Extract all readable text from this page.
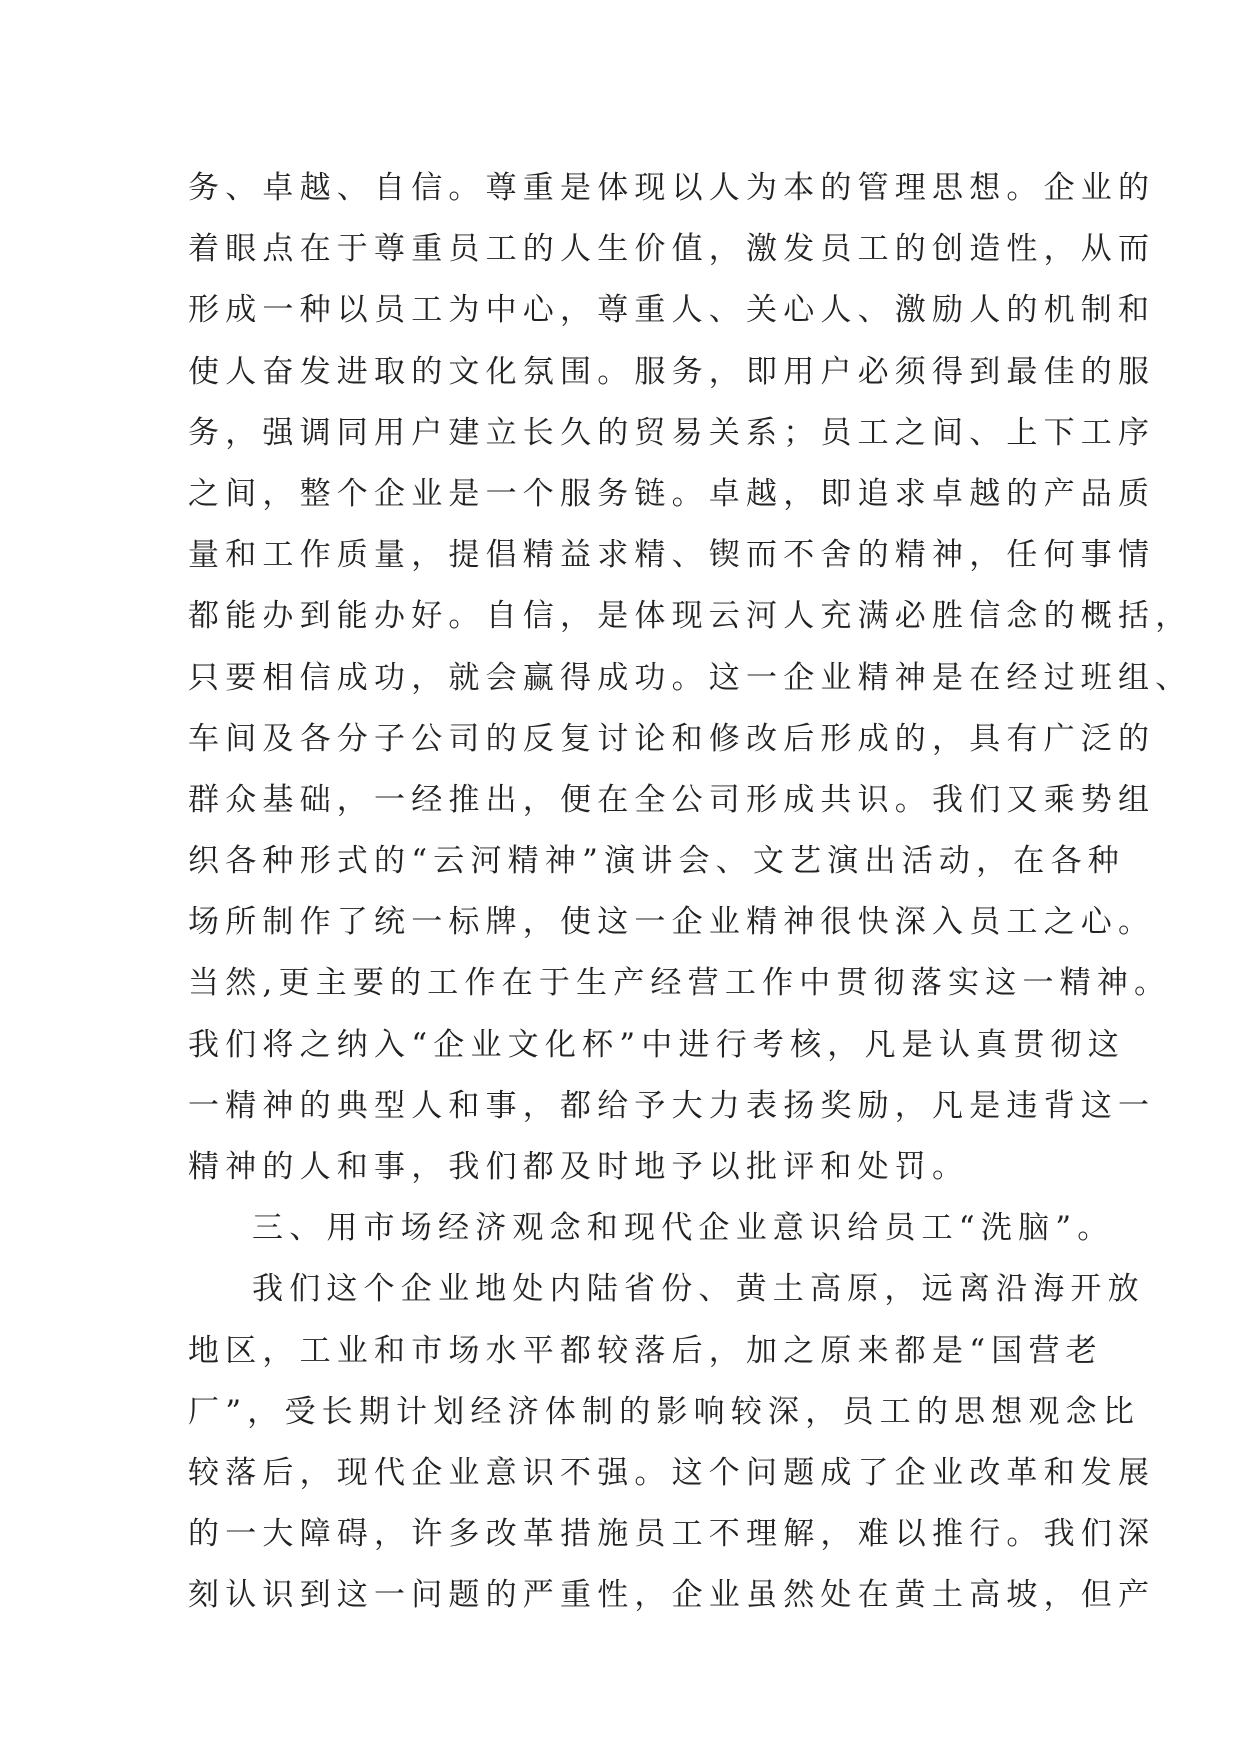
务、卓越、自信。尊重是体现以人为本的管理思想。企业的
着眼点在于尊重员工的人生价值，激发员工的创造性，从而
形成一种以员工为中心，尊重人、关心人、激励人的机制和
使人奋发进取的文化氛围。服务，即用户必须得到最佳的服
务，强调同用户建立长久的贸易关系；员工之间、上下工序
之间，整个企业是一个服务链。卓越，即追求卓越的产品质
量和工作质量，提倡精益求精、锲而不舍的精神，任何事情
都能办到能办好。自信，是体现云河人充满必胜信念的概括，
只要相信成功，就会赢得成功。这一企业精神是在经过班组、
车间及各分子公司的反复讨论和修改后形成的，具有广泛的
群众基础，一经推出，便在全公司形成共识。我们又乘势组
织各种形式的“云河精神”演讲会、文艺演出活动，在各种
场所制作了统一标牌，使这一企业精神很快深入员工之心。
当然,更主要的工作在于生产经营工作中贯彻落实这一精神。
我们将之纳入“企业文化杯”中进行考核，凡是认真贯彻这
一精神的典型人和事，都给予大力表扬奖励，凡是违背这一
精神的人和事，我们都及时地予以批评和处罚。
三、用市场经济观念和现代企业意识给员工“洗脑”。
我们这个企业地处内陆省份、黄土高原，远离沿海开放
地区，工业和市场水平都较落后，加之原来都是“国营老
厂”，受长期计划经济体制的影响较深，员工的思想观念比
较落后，现代企业意识不强。这个问题成了企业改革和发展
的一大障碍，许多改革措施员工不理解，难以推行。我们深
刻认识到这一问题的严重性，企业虽然处在黄土高坡，但产
